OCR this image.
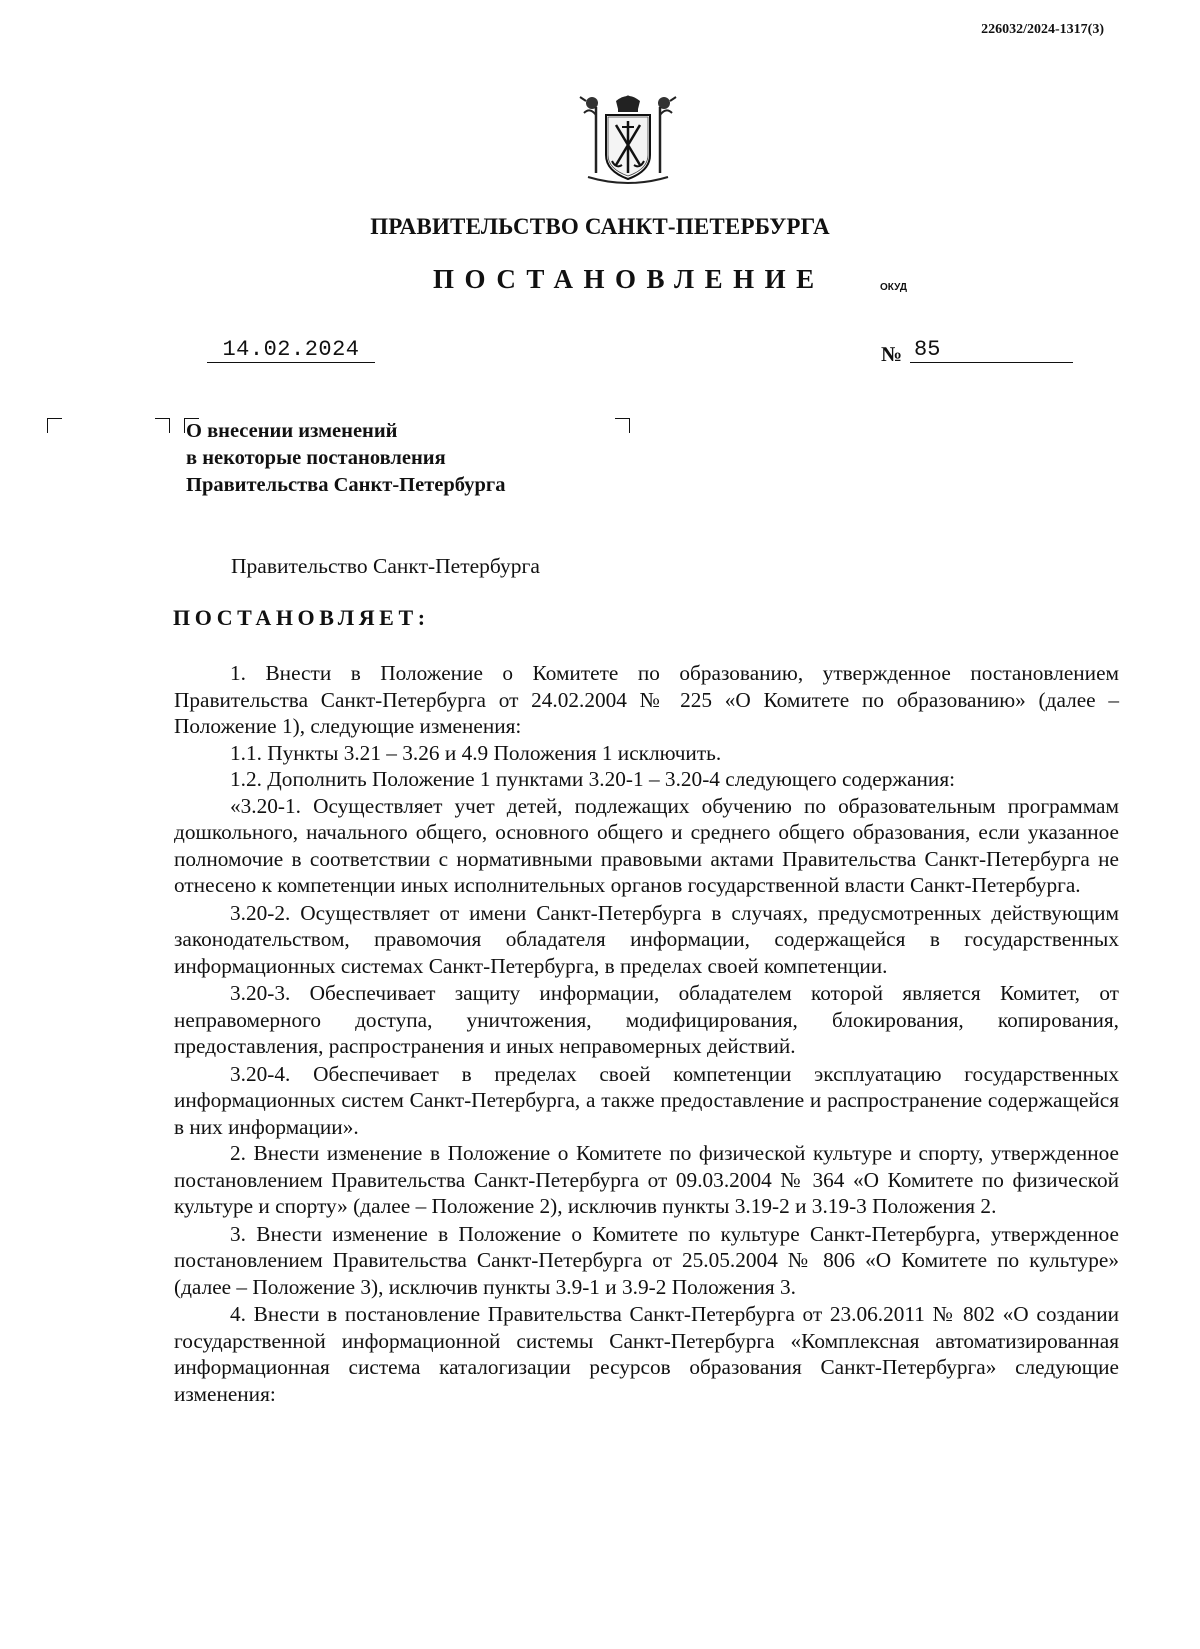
226032/2024-1317(3)
ПРАВИТЕЛЬСТВО САНКТ-ПЕТЕРБУРГА
ПОСТАНОВЛЕНИЕ	ОКУД
14.02.2024	№ 85
О внесении изменений
в некоторые постановления
Правительства Санкт-Петербурга
Правительство Санкт-Петербурга
ПОСТАНОВЛЯЕТ:

1. Внести в Положение о Комитете по образованию, утвержденное постановлением Правительства Санкт-Петербурга от 24.02.2004 № 225 «О Комитете по образованию» (далее – Положение 1), следующие изменения:

1.1. Пункты 3.21 – 3.26 и 4.9 Положения 1 исключить.

1.2. Дополнить Положение 1 пунктами 3.20-1 – 3.20-4 следующего содержания:

«3.20-1. Осуществляет учет детей, подлежащих обучению по образовательным программам дошкольного, начального общего, основного общего и среднего общего образования, если указанное полномочие в соответствии с нормативными правовыми актами Правительства Санкт-Петербурга не отнесено к компетенции иных исполнительных органов государственной власти Санкт-Петербурга.

3.20-2. Осуществляет от имени Санкт-Петербурга в случаях, предусмотренных действующим законодательством, правомочия обладателя информации, содержащейся в государственных информационных системах Санкт-Петербурга, в пределах своей компетенции.

3.20-3. Обеспечивает защиту информации, обладателем которой является Комитет, от неправомерного доступа, уничтожения, модифицирования, блокирования, копирования, предоставления, распространения и иных неправомерных действий.

3.20-4. Обеспечивает в пределах своей компетенции эксплуатацию государственных информационных систем Санкт-Петербурга, а также предоставление и распространение содержащейся в них информации».

2. Внести изменение в Положение о Комитете по физической культуре и спорту, утвержденное постановлением Правительства Санкт-Петербурга от 09.03.2004 № 364 «О Комитете по физической культуре и спорту» (далее – Положение 2), исключив пункты 3.19-2 и 3.19-3 Положения 2.

3. Внести изменение в Положение о Комитете по культуре Санкт-Петербурга, утвержденное постановлением Правительства Санкт-Петербурга от 25.05.2004 № 806 «О Комитете по культуре» (далее – Положение 3), исключив пункты 3.9-1 и 3.9-2 Положения 3.

4. Внести в постановление Правительства Санкт-Петербурга от 23.06.2011 № 802 «О создании государственной информационной системы Санкт-Петербурга «Комплексная автоматизированная информационная система каталогизации ресурсов образования Санкт-Петербурга» следующие изменения:
